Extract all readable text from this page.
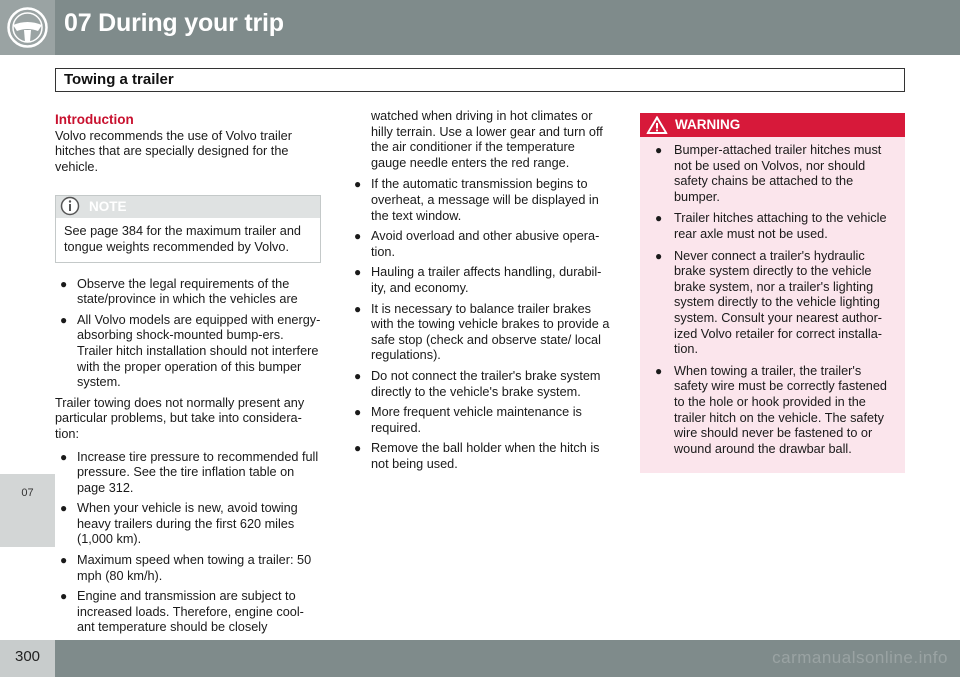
07 During your trip
07
Towing a trailer
Introduction

Volvo recommends the use of Volvo trailer hitches that are specially designed for the vehicle.

NOTE
See page 384 for the maximum trailer and tongue weights recommended by Volvo.
● Observe the legal requirements of the state/province in which the vehicles are
● All Volvo models are equipped with energy-absorbing shock-mounted bump-ers. Trailer hitch installation should not interfere with the proper operation of this bumper system.

Trailer towing does not normally present any particular problems, but take into considera-tion:

● Increase tire pressure to recommended full pressure. See the tire inflation table on page 312.
● When your vehicle is new, avoid towing heavy trailers during the first 620 miles (1,000 km).
● Maximum speed when towing a trailer: 50 mph (80 km/h).
● Engine and transmission are subject to increased loads. Therefore, engine cool-ant temperature should be closely

watched when driving in hot climates or hilly terrain. Use a lower gear and turn off the air conditioner if the temperature gauge needle enters the red range.

● If the automatic transmission begins to overheat, a message will be displayed in the text window.
● Avoid overload and other abusive opera-tion.
● Hauling a trailer affects handling, durabil-ity, and economy.
● It is necessary to balance trailer brakes with the towing vehicle brakes to provide a safe stop (check and observe state/ local regulations).
● Do not connect the trailer's brake system directly to the vehicle's brake system.
● More frequent vehicle maintenance is required.
● Remove the ball holder when the hitch is not being used.
WARNING
● Bumper-attached trailer hitches must not be used on Volvos, nor should safety chains be attached to the bumper.
● Trailer hitches attaching to the vehicle rear axle must not be used.
● Never connect a trailer's hydraulic brake system directly to the vehicle brake system, nor a trailer's lighting system directly to the vehicle lighting system. Consult your nearest author-ized Volvo retailer for correct installa-tion.
● When towing a trailer, the trailer's safety wire must be correctly fastened to the hole or hook provided in the trailer hitch on the vehicle. The safety wire should never be fastened to or wound around the drawbar ball.
300	carmanualsonline.info
